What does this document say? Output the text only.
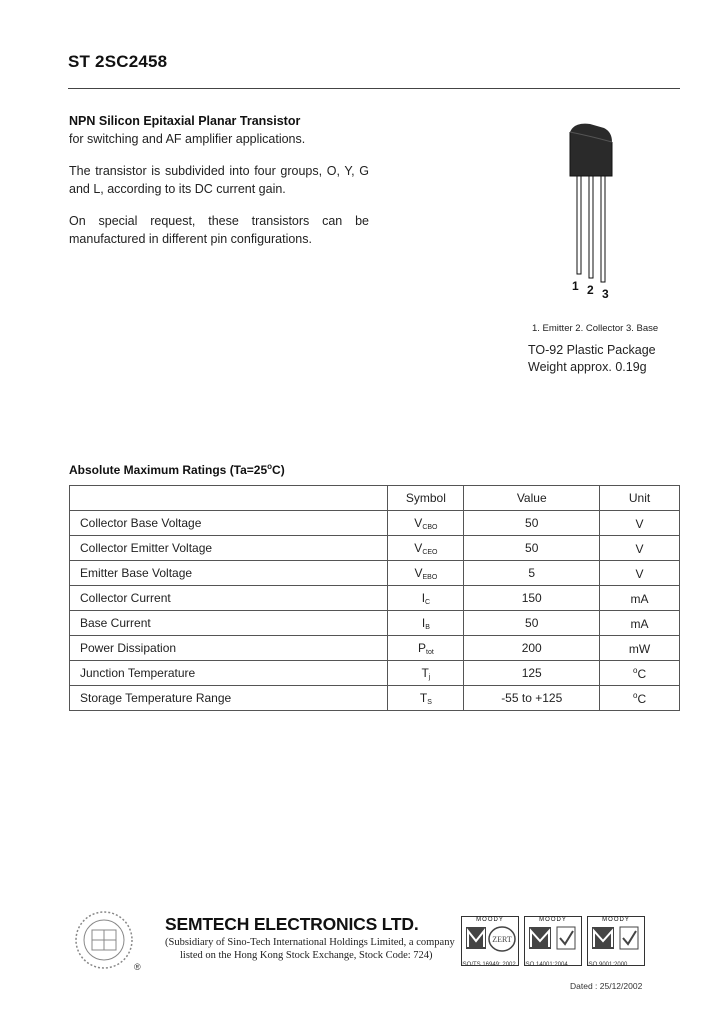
ST 2SC2458

NPN Silicon Epitaxial Planar Transistor

for switching and AF amplifier applications.

The transistor is subdivided into four groups, O, Y, G and L, according to its DC current gain.

On special request, these transistors can be manufactured in different pin configurations.

1 2 3
1. Emitter 2. Collector 3. Base
TO-92 Plastic Package
Weight approx. 0.19g
Absolute Maximum Ratings $(Ta=25^oC)$
	Symbol	Value	Unit
Collector Base Voltage	VCBO	50	V
Collector Emitter Voltage	VCEO	50	V
Emitter Base Voltage	VEBO	5	V
Collector Current	IC	150	mA
Base Current	IB	50	mA
Power Dissipation	Ptot	200	mW
Junction Temperature	Tj	125	$^o$C
Storage Temperature Range	TS	-55 to +125	$^o$C
®
SEMTECH ELECTRONICS LTD.
(Subsidiary of Sino-Tech International Holdings Limited, a company
listed on the Hong Kong Stock Exchange, Stock Code: 724)
MOODY
ZERT
ISO/TS 16949: 2002
MOODY
ISO 14001:2004
MOODY
ISO 9001:2000
Dated : 25/12/2002
